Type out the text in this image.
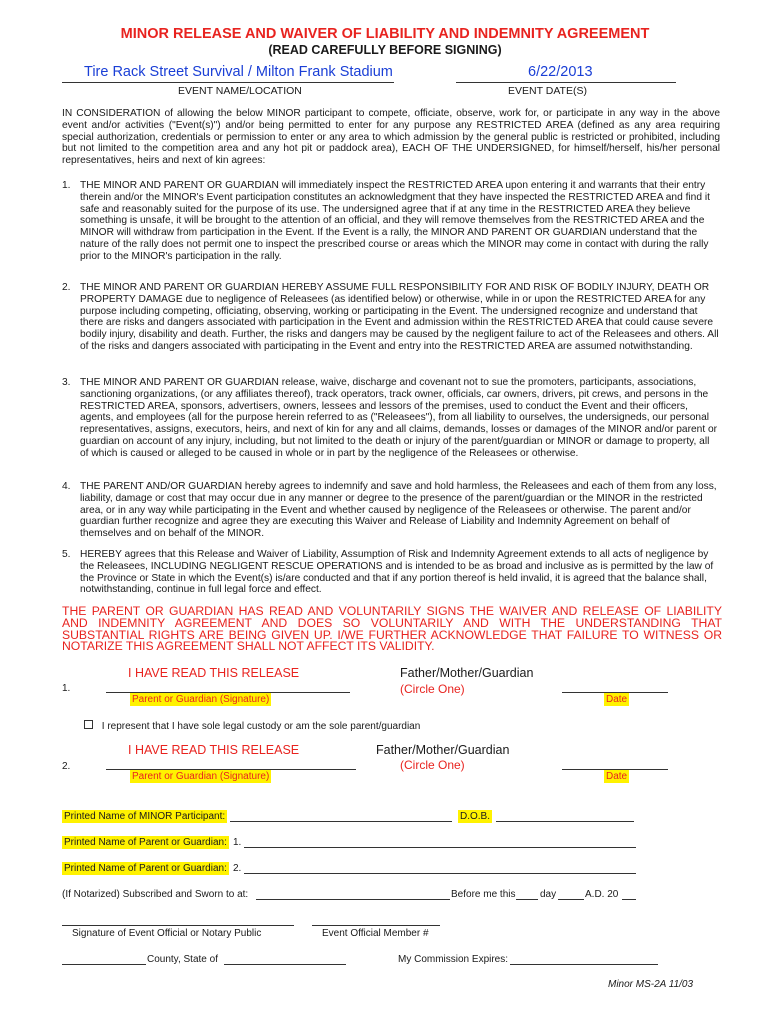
MINOR RELEASE AND WAIVER OF LIABILITY AND INDEMNITY AGREEMENT
(READ CAREFULLY BEFORE SIGNING)
Tire Rack Street Survival / Milton Frank Stadium	6/22/2013
EVENT NAME/LOCATION	EVENT DATE(S)

IN CONSIDERATION of allowing the below MINOR participant to compete, officiate, observe, work for, or participate in any way in the above event and/or activities ("Event(s)") and/or being permitted to enter for any purpose any RESTRICTED AREA (defined as any area requiring special authorization, credentials or permission to enter or any area to which admission by the general public is restricted or prohibited, including but not limited to the competition area and any hot pit or paddock area), EACH OF THE UNDERSIGNED, for himself/herself, his/her personal representatives, heirs and next of kin agrees:

1. THE MINOR AND PARENT OR GUARDIAN will immediately inspect the RESTRICTED AREA upon entering it and warrants that their entry therein and/or the MINOR's Event participation constitutes an acknowledgment that they have inspected the RESTRICTED AREA and find it safe and reasonably suited for the purpose of its use. The undersigned agree that if at any time in the RESTRICTED AREA they believe something is unsafe, it will be brought to the attention of an official, and they will remove themselves from the RESTRICTED AREA and the MINOR will withdraw from participation in the Event. If the Event is a rally, the MINOR AND PARENT OR GUARDIAN understand that the nature of the rally does not permit one to inspect the prescribed course or areas which the MINOR may come in contact with during the rally prior to the MINOR's participation in the rally.
2. THE MINOR AND PARENT OR GUARDIAN HEREBY ASSUME FULL RESPONSIBILITY FOR AND RISK OF BODILY INJURY, DEATH OR PROPERTY DAMAGE due to negligence of Releasees (as identified below) or otherwise, while in or upon the RESTRICTED AREA for any purpose including competing, officiating, observing, working or participating in the Event. The undersigned recognize and understand that there are risks and dangers associated with participation in the Event and admission within the RESTRICTED AREA that could cause severe bodily injury, disability and death. Further, the risks and dangers may be caused by the negligent failure to act of the Releasees and others. All of the risks and dangers associated with participating in the Event and entry into the RESTRICTED AREA are assumed notwithstanding.
3. THE MINOR AND PARENT OR GUARDIAN release, waive, discharge and covenant not to sue the promoters, participants, associations, sanctioning organizations, (or any affiliates thereof), track operators, track owner, officials, car owners, drivers, pit crews, and persons in the RESTRICTED AREA, sponsors, advertisers, owners, lessees and lessors of the premises, used to conduct the Event and their officers, agents, and employees (all for the purpose herein referred to as ("Releasees"), from all liability to ourselves, the undersigneds, our personal representatives, assigns, executors, heirs, and next of kin for any and all claims, demands, losses or damages of the MINOR and/or parent or guardian on account of any injury, including, but not limited to the death or injury of the parent/guardian or MINOR or damage to property, all of which is caused or alleged to be caused in whole or in part by the negligence of the Releasees or otherwise.
4. THE PARENT AND/OR GUARDIAN hereby agrees to indemnify and save and hold harmless, the Releasees and each of them from any loss, liability, damage or cost that may occur due in any manner or degree to the presence of the parent/guardian or the MINOR in the restricted area, or in any way while participating in the Event and whether caused by negligence of the Releasees or otherwise. The parent and/or guardian further recognize and agree they are executing this Waiver and Release of Liability and Indemnity Agreement on behalf of themselves and on behalf of the MINOR.
5. HEREBY agrees that this Release and Waiver of Liability, Assumption of Risk and Indemnity Agreement extends to all acts of negligence by the Releasees, INCLUDING NEGLIGENT RESCUE OPERATIONS and is intended to be as broad and inclusive as is permitted by the law of the Province or State in which the Event(s) is/are conducted and that if any portion thereof is held invalid, it is agreed that the balance shall, notwithstanding, continue in full legal force and effect.
THE PARENT OR GUARDIAN HAS READ AND VOLUNTARILY SIGNS THE WAIVER AND RELEASE OF LIABILITY AND INDEMNITY AGREEMENT AND DOES SO VOLUNTARILY AND WITH THE UNDERSTANDING THAT SUBSTANTIAL RIGHTS ARE BEING GIVEN UP. I/WE FURTHER ACKNOWLEDGE THAT FAILURE TO WITNESS OR NOTARIZE THIS AGREEMENT SHALL NOT AFFECT ITS VALIDITY.
I HAVE READ THIS RELEASE	Father/Mother/Guardian
1.	(Circle One)
Parent or Guardian (Signature)	Date
I represent that I have sole legal custody or am the sole parent/guardian
I HAVE READ THIS RELEASE	Father/Mother/Guardian
2.	(Circle One)
Parent or Guardian (Signature)	Date
Printed Name of MINOR Participant:	D.O.B.
Printed Name of Parent or Guardian: 1.
Printed Name of Parent or Guardian: 2.
(If Notarized) Subscribed and Sworn to at:	Before me this day	A.D. 20
Signature of Event Official or Notary Public	Event Official Member #
County, State of	My Commission Expires:
Minor MS-2A 11/03
